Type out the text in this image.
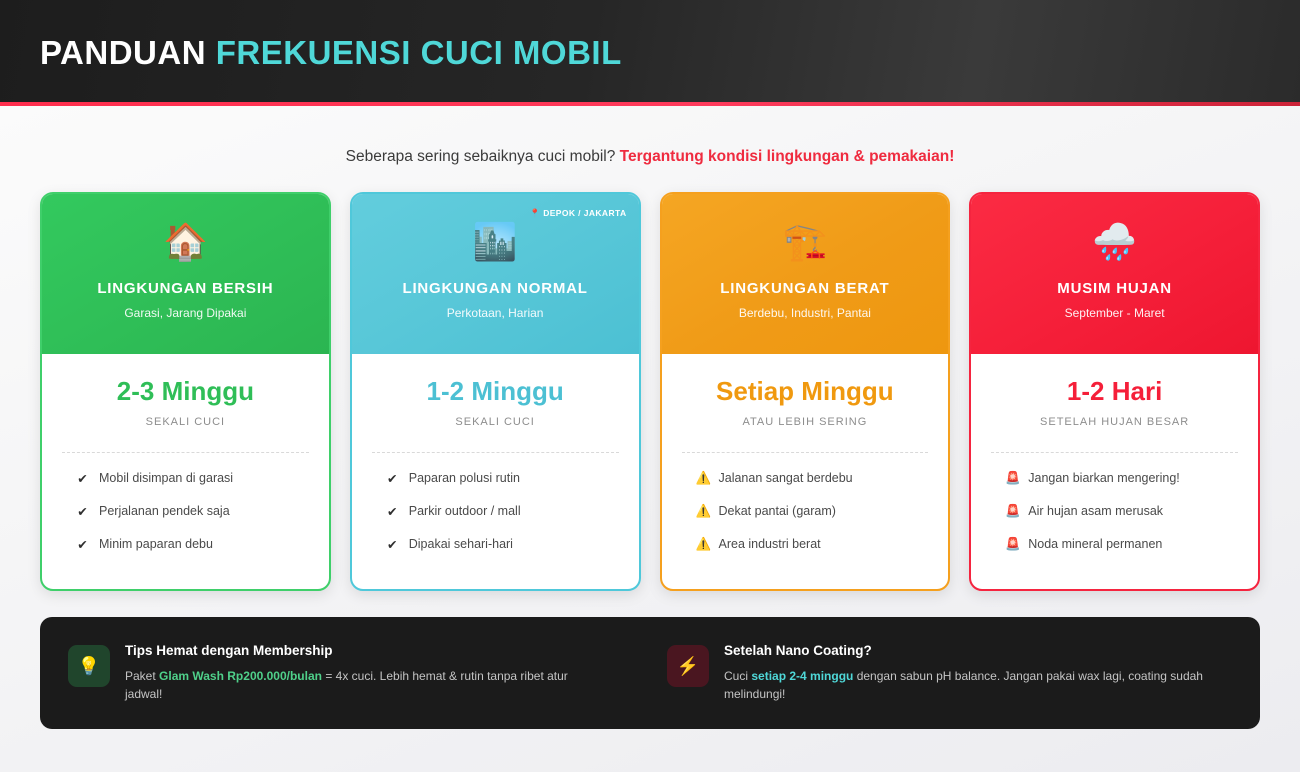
PANDUAN FREKUENSI CUCI MOBIL
Seberapa sering sebaiknya cuci mobil? Tergantung kondisi lingkungan & pemakaian!
🏠
LINGKUNGAN BERSIH
Garasi, Jarang Dipakai
2-3 Minggu
SEKALI CUCI
✔ Mobil disimpan di garasi
✔ Perjalanan pendek saja
✔ Minim paparan debu
📍 DEPOK / JAKARTA
🏙️
LINGKUNGAN NORMAL
Perkotaan, Harian
1-2 Minggu
SEKALI CUCI
✔ Paparan polusi rutin
✔ Parkir outdoor / mall
✔ Dipakai sehari-hari
🏗️
LINGKUNGAN BERAT
Berdebu, Industri, Pantai
Setiap Minggu
ATAU LEBIH SERING
⚠️ Jalanan sangat berdebu
⚠️ Dekat pantai (garam)
⚠️ Area industri berat
🌧️
MUSIM HUJAN
September - Maret
1-2 Hari
SETELAH HUJAN BESAR
🚨 Jangan biarkan mengering!
🚨 Air hujan asam merusak
🚨 Noda mineral permanen
💡
Tips Hemat dengan Membership
Paket Glam Wash Rp200.000/bulan = 4x cuci. Lebih hemat & rutin tanpa ribet atur jadwal!
⚡
Setelah Nano Coating?
Cuci setiap 2-4 minggu dengan sabun pH balance. Jangan pakai wax lagi, coating sudah melindungi!
